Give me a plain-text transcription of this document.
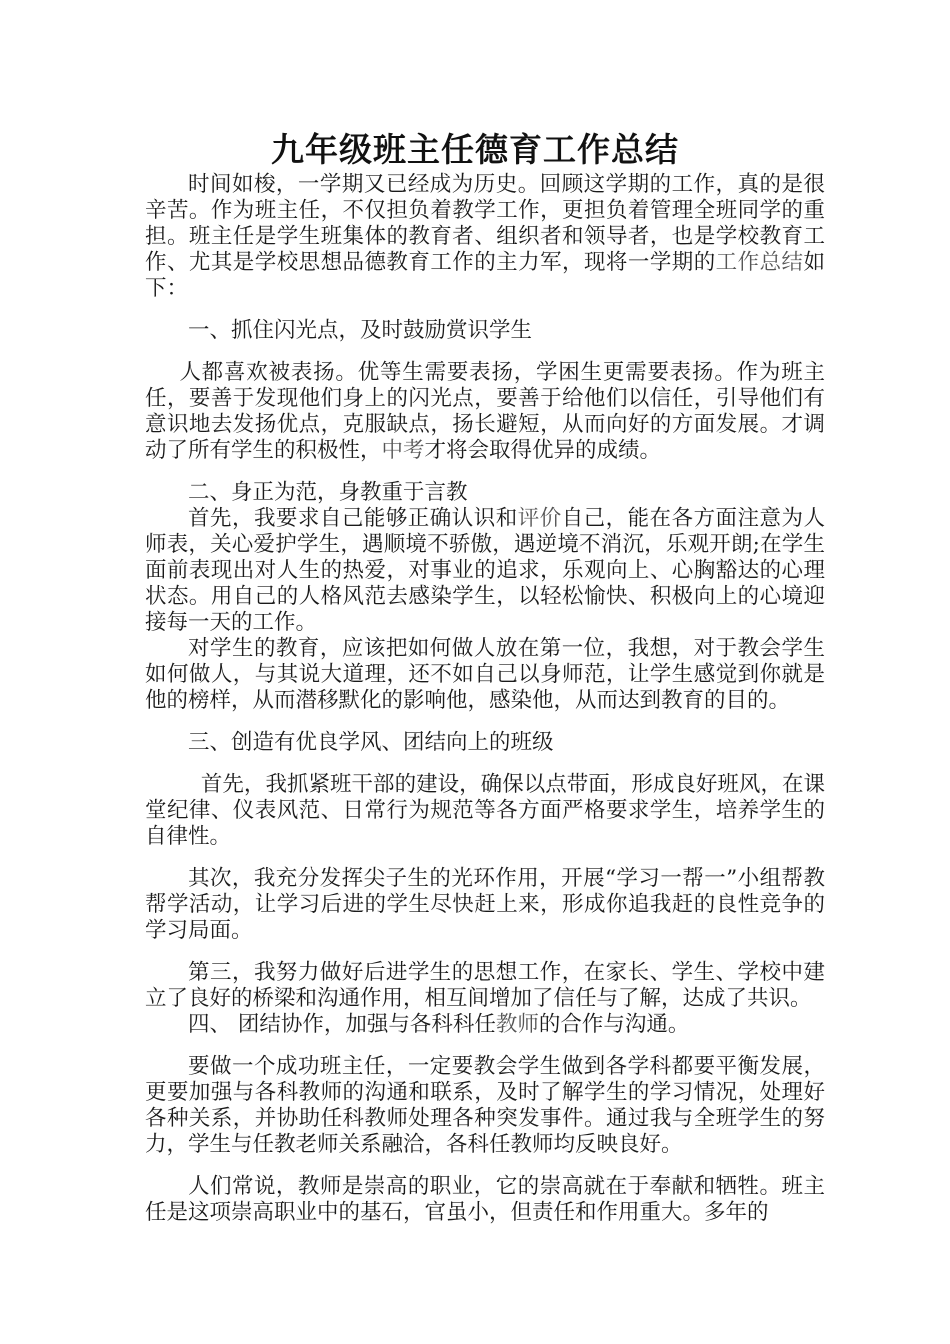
九年级班主任德育工作总结

时间如梭，一学期又已经成为历史。回顾这学期的工作，真的是很辛苦。作为班主任，不仅担负着教学工作，更担负着管理全班同学的重担。班主任是学生班集体的教育者、组织者和领导者，也是学校教育工作、尤其是学校思想品德教育工作的主力军，现将一学期的工作总结如下：

一、抓住闪光点，及时鼓励赏识学生

人都喜欢被表扬。优等生需要表扬，学困生更需要表扬。作为班主任，要善于发现他们身上的闪光点，要善于给他们以信任，引导他们有意识地去发扬优点，克服缺点，扬长避短，从而向好的方面发展。才调动了所有学生的积极性，中考才将会取得优异的成绩。

二、身正为范，身教重于言教

首先，我要求自己能够正确认识和评价自己，能在各方面注意为人师表，关心爱护学生，遇顺境不骄傲，遇逆境不消沉，乐观开朗;在学生面前表现出对人生的热爱，对事业的追求，乐观向上、心胸豁达的心理状态。用自己的人格风范去感染学生，以轻松愉快、积极向上的心境迎接每一天的工作。

对学生的教育，应该把如何做人放在第一位，我想，对于教会学生如何做人，与其说大道理，还不如自己以身师范，让学生感觉到你就是他的榜样，从而潜移默化的影响他，感染他，从而达到教育的目的。

三、创造有优良学风、团结向上的班级

首先，我抓紧班干部的建设，确保以点带面，形成良好班风，在课堂纪律、仪表风范、日常行为规范等各方面严格要求学生，培养学生的自律性。

其次，我充分发挥尖子生的光环作用，开展“学习一帮一”小组帮教帮学活动，让学习后进的学生尽快赶上来，形成你追我赶的良性竞争的学习局面。

第三，我努力做好后进学生的思想工作，在家长、学生、学校中建立了良好的桥梁和沟通作用，相互间增加了信任与了解，达成了共识。

四、 团结协作，加强与各科科任教师的合作与沟通。

要做一个成功班主任，一定要教会学生做到各学科都要平衡发展，更要加强与各科教师的沟通和联系，及时了解学生的学习情况，处理好各种关系，并协助任科教师处理各种突发事件。通过我与全班学生的努力，学生与任教老师关系融洽，各科任教师均反映良好。

人们常说，教师是崇高的职业，它的崇高就在于奉献和牺牲。班主任是这项崇高职业中的基石，官虽小，但责任和作用重大。多年的
